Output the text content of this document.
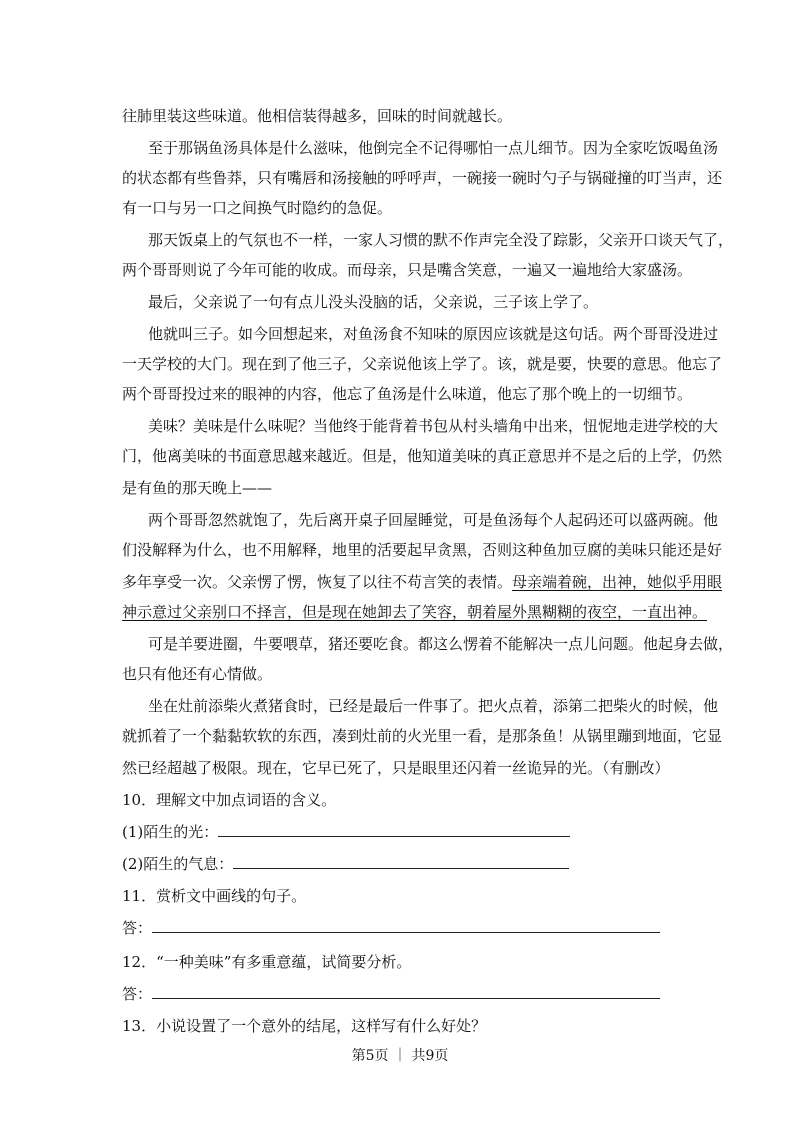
往肺里装这些味道。他相信装得越多，回味的时间就越长。
至于那锅鱼汤具体是什么滋味，他倒完全不记得哪怕一点儿细节。因为全家吃饭喝鱼汤
的状态都有些鲁莽，只有嘴唇和汤接触的呼呼声，一碗接一碗时勺子与锅碰撞的叮当声，还
有一口与另一口之间换气时隐约的急促。
那天饭桌上的气氛也不一样，一家人习惯的默不作声完全没了踪影，父亲开口谈天气了，
两个哥哥则说了今年可能的收成。而母亲，只是嘴含笑意，一遍又一遍地给大家盛汤。
最后，父亲说了一句有点儿没头没脑的话，父亲说，三子该上学了。
他就叫三子。如今回想起来，对鱼汤食不知味的原因应该就是这句话。两个哥哥没进过
一天学校的大门。现在到了他三子，父亲说他该上学了。该，就是要，快要的意思。他忘了
两个哥哥投过来的眼神的内容，他忘了鱼汤是什么味道，他忘了那个晚上的一切细节。
美味？美味是什么味呢？当他终于能背着书包从村头墙角中出来，忸怩地走进学校的大
门，他离美味的书面意思越来越近。但是，他知道美味的真正意思并不是之后的上学，仍然
是有鱼的那天晚上——
两个哥哥忽然就饱了，先后离开桌子回屋睡觉，可是鱼汤每个人起码还可以盛两碗。他
们没解释为什么，也不用解释，地里的活要起早贪黑，否则这种鱼加豆腐的美味只能还是好
多年享受一次。父亲愣了愣，恢复了以往不苟言笑的表情。母亲端着碗，出神，她似乎用眼
神示意过父亲别口不择言，但是现在她卸去了笑容，朝着屋外黑糊糊的夜空，一直出神。
可是羊要进圈，牛要喂草，猪还要吃食。都这么愣着不能解决一点儿问题。他起身去做，
也只有他还有心情做。
坐在灶前添柴火煮猪食时，已经是最后一件事了。把火点着，添第二把柴火的时候，他
就抓着了一个黏黏软软的东西，凑到灶前的火光里一看，是那条鱼！从锅里蹦到地面，它显
然已经超越了极限。现在，它早已死了，只是眼里还闪着一丝诡异的光。（有删改）
10．理解文中加点词语的含义。
(1)陌生的光：
(2)陌生的气息：
11．赏析文中画线的句子。
答：
12．“一种美味”有多重意蕴，试简要分析。
答：
13．小说设置了一个意外的结尾，这样写有什么好处？
第5页 ｜ 共9页
